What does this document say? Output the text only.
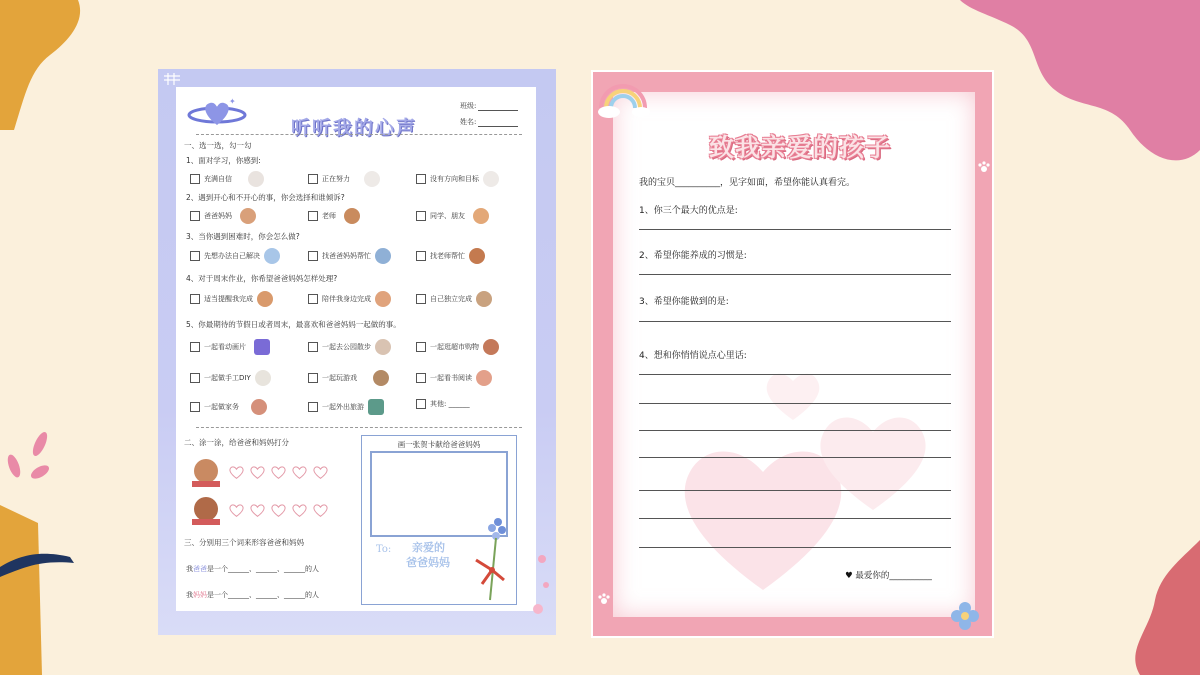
✦
听听我的心声
班级:
姓名:
一、选一选，勾一勾
1、面对学习，你感到:
充满自信	正在努力	没有方向和目标
2、遇到开心和不开心的事，你会选择和谁倾诉?
爸爸妈妈	老师	同学、朋友
3、当你遇到困难时，你会怎么做?
先想办法自己解决	找爸爸妈妈帮忙	找老师帮忙
4、对于周末作业，你希望爸爸妈妈怎样处理?
适当提醒我完成	陪伴我身边完成	自己独立完成
5、你最期待的节假日或者周末，最喜欢和爸爸妈妈一起做的事。
一起看动画片	一起去公园散步	一起逛超市购物
一起做手工DIY	一起玩游戏	一起看书阅读
一起做家务	一起外出旅游	其他: ______
二、涂一涂，给爸爸和妈妈打分
三、分别用三个词来形容爸爸和妈妈
我爸爸是一个______、______、______的人
我妈妈是一个______、______、______的人
画一张贺卡献给爸爸妈妈
To:	亲爱的
爸爸妈妈
致我亲爱的孩子
我的宝贝__________，见字如面，希望你能认真看完。
1、你三个最大的优点是:
2、希望你能养成的习惯是:
3、希望你能做到的是:
4、想和你悄悄说点心里话:
♥ 最爱你的__________
